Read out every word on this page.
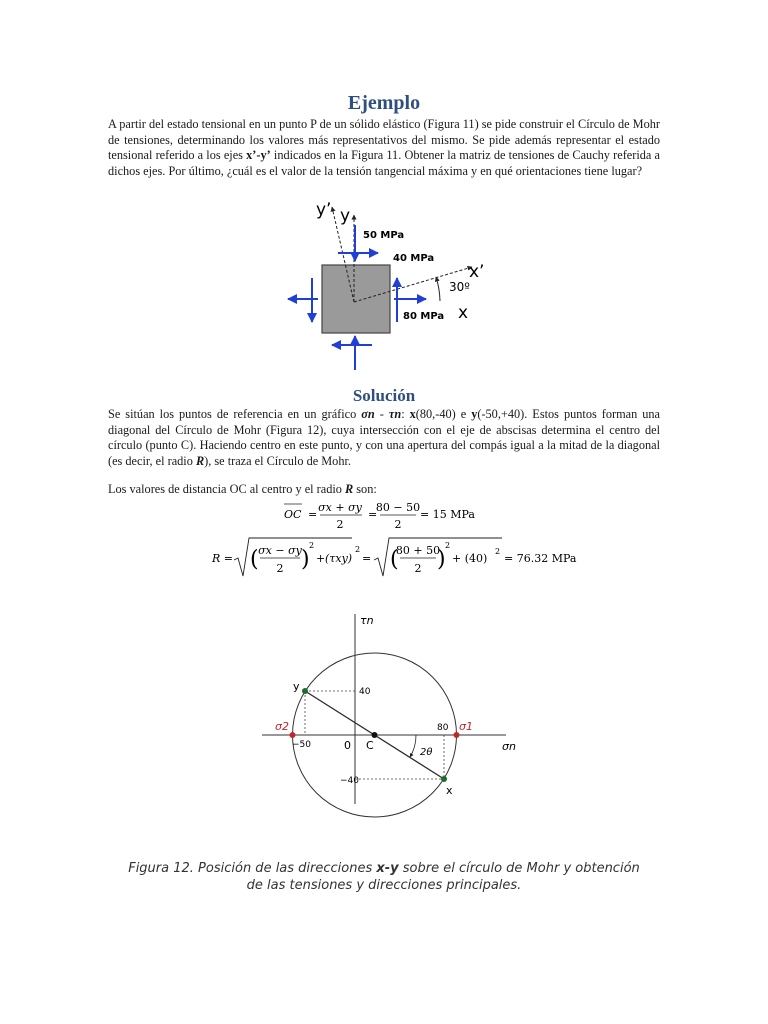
Ejemplo

A partir del estado tensional en un punto P de un sólido elástico (Figura 11) se pide construir el Círculo de Mohr de tensiones, determinando los valores más representativos del mismo. Se pide además representar el estado tensional referido a los ejes x’-y’ indicados en la Figura 11. Obtener la matriz de tensiones de Cauchy referida a dichos ejes. Por último, ¿cuál es el valor de la tensión tangencial máxima y en qué orientaciones tiene lugar?

y’ y
50 MPa
40 MPa
x’
30º
80 MPa x
Solución

Se sitúan los puntos de referencia en un gráfico σn - τn: x(80,-40) e y(-50,+40). Estos puntos forman una diagonal del Círculo de Mohr (Figura 12), cuya intersección con el eje de abscisas determina el centro del círculo (punto C). Haciendo centro en este punto, y con una apertura del compás igual a la mitad de la diagonal (es decir, el radio R), se traza el Círculo de Mohr.

Los valores de distancia OC al centro y el radio R son:

OC =
σx + σy
2
=
80 − 50
2
= 15 MPa
R = ( σx − σy
2 )
2
+ (τxy)
2
= (
80 + 50
2 )
2
+ (40)
2
= 76.32 MPa
τn
σn
y
x
C
0
σ2	σ1
40
−40
80
−50
2θ
Figura 12. Posición de las direcciones x-y sobre el círculo de Mohr y obtención
de las tensiones y direcciones principales.
